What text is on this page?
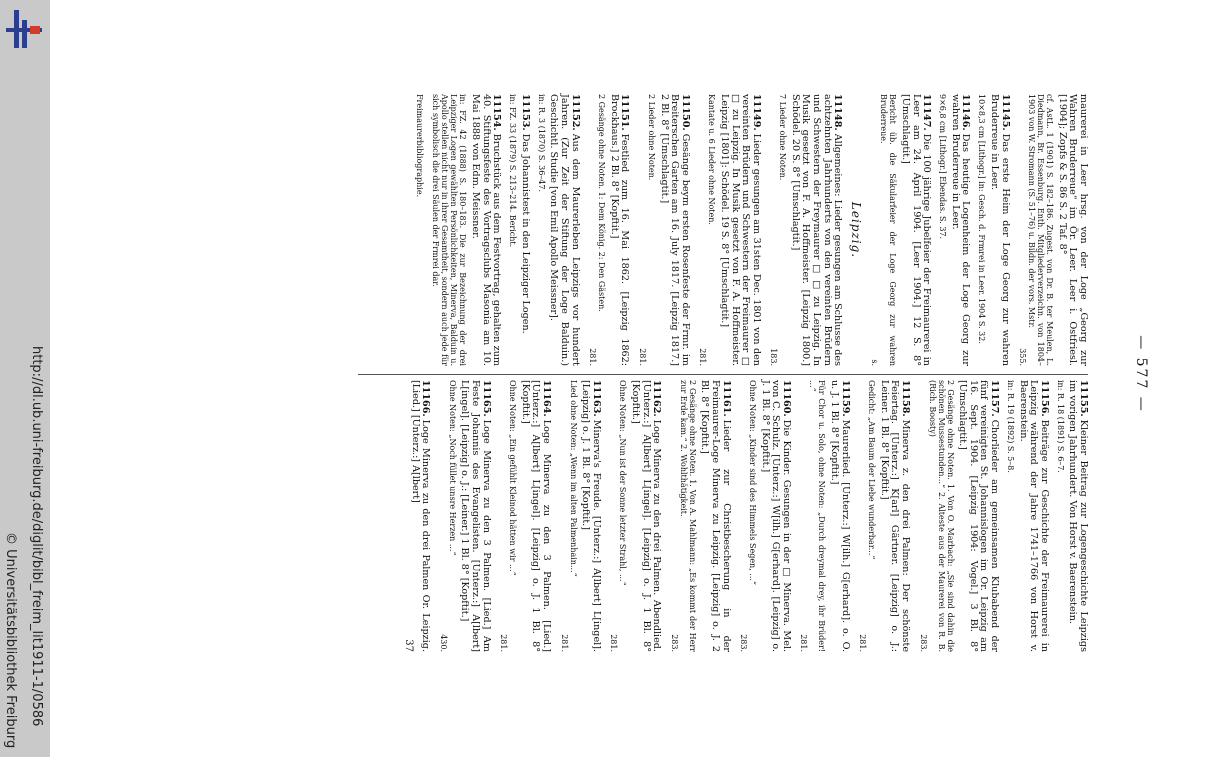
http://dl.ub.uni-freiburg.de/diglit/bibl_freim_lit1911-1/0586
© Universitätsbibliothek Freiburg
— 577 —
maurerei in Leer hrsg. von der Loge „Georg zur Wahren Bruderreue“ im Ör. Leer. Leer i. Ostfriesl. [1904]; Zopfs & S. 86 S. 2 Taf. 8°
cf. AstL. 1 (1901) S. 182–186. Zugest. von Dr. B. ter Meulen, L. Diedmann, Br. Essenburg. Enth. Mitgliederverzeichn. von 1804–1903 von W. Stromann (S. 51–76) u. Bildn. der vors. Mstr.
355.
11145.Das erste Heim der Loge Georg zur wahren Bruderreue in Leer.
10×8,3 cm [Lithogr.] in: Gesch. d. Frmrei in Leer. 1904 S. 32.
11146.Das heutige Logenheim der Loge Georg zur wahren Bruderreue in Leer.
9×6,8 cm [Lithogr.] Ebendas. S. 37.
11147.Die 100 jährige Jubelfeier der Freimaurerei in Leer am 24. April 1904. [Leer 1904.] 12 S. 8° [Umschlagtit.]
Bericht üb. die Säkularfeier der Loge Georg zur wahren Bruderreue.
s.
Leipzig.
11148.Allgemeines: Lieder gesungen am Schlusse des achtzehnten Jahrhunderts von den vereinten Brüdern und Schwestern der Freymaurer □ □ zu Leipzig. In Musik gesetzt von F. A. Hoffmeister. [Leipzig 1800.] Schödel. 20 S. 8° [Umschlagtit.]
7 Lieder ohne Noten.
183.
11149.Lieder gesungen am 31sten Dec. 1801 von den vereinten Brüdern und Schwestern der Freimaurer □ □ zu Leipzig. In Musik gesetzt von F. A. Hoffmeister. Leipzig [1801]: Schödel. 19 S. 8° [Umschlagtit.]
Kantate u. 6 Lieder ohne Noten.
281.
11150.Gesänge beym ersten Rosenfeste der Frmr. im Breiterschen Garten am 16. July 1817. [Leipzig 1817.] 2 Bl. 8° [Umschlagtit.]
2 Lieder ohne Noten.
281.
11151.Festlied zum 16. Mai 1862. [Leipzig 1862: Brockhaus.] 2 Bl. 8° [Kopftit.]
2 Gesänge ohne Noten. 1: Dem König. 2: Den Gästen.
281.
11152.Aus dem Maurerleben Leipzigs vor hundert Jahren. (Zur Zeit der Stiftung der Loge Balduin.) Geschichtl. Studie [von Emil Apollo Meissner].
in: R. 3 (1870) S. 36–47.
11153.Das Johannistest in den Leipziger Logen.
in: FZ. 33 (1879) S. 213–214. Bericht.
11154.Bruchstück aus dem Festvortrag, gehalten zum 40. Stiftungsfeste des Vortragsclubs Masonia am 10. Mai 1888 von Edm. Meissner.
in: FZ. 42 (1888) S. 180–183. Die zur Bezeichnung der drei Leipziger Logen gewählten Persönlichkeiten, Minerva, Balduin u. Apollo stellen nicht nur in ihrer Gesamtheit, sondern auch jede für sich symbolisch die drei Säulen der Frmrei dar.
Freimaurerbibliographie.
11155.Kleiner Beitrag zur Logengeschichte Leipzigs im vorigen Jahrhundert. Von Horst v. Baerenstein.
in: R. 18 (1891) S. 6–7.
11156.Beiträge zur Geschichte der Freimaurerei in Leipzig während der Jahre 1741–1766 von Horst v. Baerenstein.
in: R. 19 (1892) S. 5–8.
11157.Chorlieder am gemeinsamen Klubabend der fünf vereinigten St. Johannislogen im Or. Leipzig am 16. Sept. 1904. [Leipzig 1904: Vogel.] 3 Bl. 8° [Umschlagtit.]
2 Gesänge ohne Noten. 1. Von O. Marbach: „Sie sind dahin die schönen Mussestunden...“ 2. Alteste aus der Maurerei von R. B. (Rich. Boosty)
283.
11158.Minerva z. den drei Palmen: Der schönste Feiertag. [Unterz.:] K[arl] Gärtner. [Leipzig] o. J.: Leiner. 1 Bl. 8° [Kopftit.]
Gedicht: „Am Baum der Liebe wunderbar...“
281.
11159.Maurerlied. [Unterz.:] W[ilh.] G[erhard]. o. O. u. J. 1 Bl. 8° [Kopftit.]
Für Chor u. Solo, ohne Noten: „Durch dreymal drey, ihr Brüder! ...“
281.
11160.Die Kinder. Gesungen in der □ Minerva. Mel. von C. Schulz. [Unterz.:] W[ilh.] G[erhard]. [Leipzig] o. J. 1 Bl. 8° [Kopftit.]
Ohne Noten: „Kinder sind des Himmels Segen, ...“
283.
11161.Lieder zur Christbescherung in der Freimaurer-Loge Minerva zu Leipzig. [Leipzig] o. J. 2 Bl. 8° [Kopftit.]
2 Gesänge ohne Noten. 1. Von A. Mahlmann: „Es kommt der Herr zur Erde kam.“ 2. Wohlthätigkeit.
283.
11162.Loge Minerva zu den drei Palmen. Abendlied. [Unterz.:] A[lbert] L[ingel]. [Leipzig] o. J. 1 Bl. 8° [Kopftit.]
Ohne Noten: „Nun ist der Sonne letzter Strahl, ...“
281.
11163.Minerva's Freude. [Unterz.:] A[lbert] L[ingel]. [Leipzig] o. J. 1 Bl. 8° [Kopftit.]
Lied ohne Noten: „Wenn im alten Palmenhain...“
281.
11164.Loge Minerva zu den 3 Palmen. [Lied.] [Unterz.:] A[lbert] L[ingel]. [Leipzig] o. J. 1 Bl. 8° [Kopftit.]
Ohne Noten: „Ein gefühlt Kleinod hätten wir ...“
281.
11165.Loge Minerva zu den 3 Palmen. [Lied.] Am Feste Johannis des Evangelisten. [Unterz.:] A[lbert] L[ingel]. [Leipzig] o. J.: [Leiner.] 1 Bl. 8° [Kopftit.]
Ohne Noten: „Noch füllet unsre Herzen ...“
430.
11166.Loge Minerva zu den drei Palmen Or. Leipzig. [Lied.] [Unterz.:] A[lbert]
37
